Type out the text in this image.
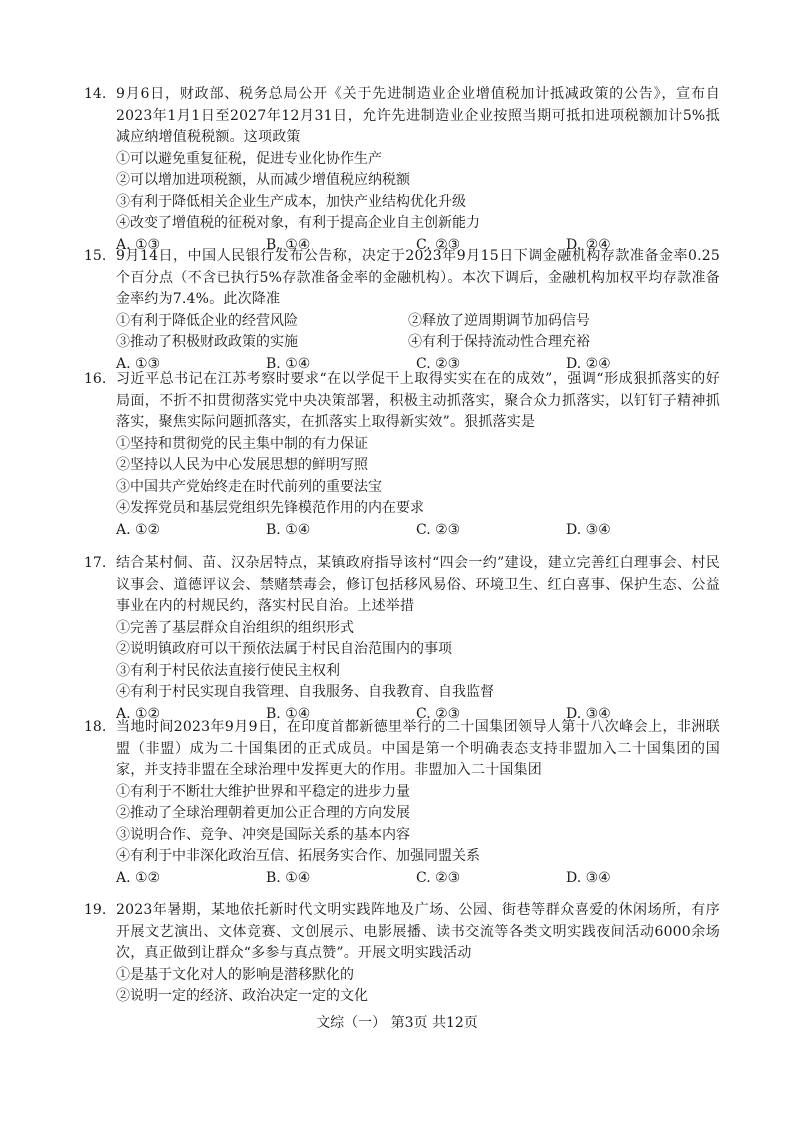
14. 9月6日，财政部、税务总局公开《关于先进制造业企业增值税加计抵减政策的公告》，宣布自2023年1月1日至2027年12月31日，允许先进制造业企业按照当期可抵扣进项税额加计5%抵减应纳增值税税额。这项政策
①可以避免重复征税，促进专业化协作生产
②可以增加进项税额，从而减少增值税应纳税额
③有利于降低相关企业生产成本，加快产业结构优化升级
④改变了增值税的征税对象，有利于提高企业自主创新能力
A. ①③	B. ①④	C. ②③	D. ②④
15. 9月14日，中国人民银行发布公告称，决定于2023年9月15日下调金融机构存款准备金率0.25个百分点（不含已执行5%存款准备金率的金融机构）。本次下调后，金融机构加权平均存款准备金率约为7.4%。此次降准
①有利于降低企业的经营风险	②释放了逆周期调节加码信号
③推动了积极财政政策的实施	④有利于保持流动性合理充裕
A. ①③	B. ①④	C. ②③	D. ②④
16. 习近平总书记在江苏考察时要求“在以学促干上取得实实在在的成效”，强调“形成狠抓落实的好局面，不折不扣贯彻落实党中央决策部署，积极主动抓落实，聚合众力抓落实，以钉钉子精神抓落实，聚焦实际问题抓落实，在抓落实上取得新实效”。狠抓落实是
①坚持和贯彻党的民主集中制的有力保证
②坚持以人民为中心发展思想的鲜明写照
③中国共产党始终走在时代前列的重要法宝
④发挥党员和基层党组织先锋模范作用的内在要求
A. ①②	B. ①④	C. ②③	D. ③④
17. 结合某村侗、苗、汉杂居特点，某镇政府指导该村“四会一约”建设，建立完善红白理事会、村民议事会、道德评议会、禁赌禁毒会，修订包括移风易俗、环境卫生、红白喜事、保护生态、公益事业在内的村规民约，落实村民自治。上述举措
①完善了基层群众自治组织的组织形式
②说明镇政府可以干预依法属于村民自治范围内的事项
③有利于村民依法直接行使民主权利
④有利于村民实现自我管理、自我服务、自我教育、自我监督
A. ①②	B. ①④	C. ②③	D. ③④
18. 当地时间2023年9月9日，在印度首都新德里举行的二十国集团领导人第十八次峰会上，非洲联盟（非盟）成为二十国集团的正式成员。中国是第一个明确表态支持非盟加入二十国集团的国家，并支持非盟在全球治理中发挥更大的作用。非盟加入二十国集团
①有利于不断壮大维护世界和平稳定的进步力量
②推动了全球治理朝着更加公正合理的方向发展
③说明合作、竞争、冲突是国际关系的基本内容
④有利于中非深化政治互信、拓展务实合作、加强同盟关系
A. ①②	B. ①④	C. ②③	D. ③④
19. 2023年暑期，某地依托新时代文明实践阵地及广场、公园、街巷等群众喜爱的休闲场所，有序开展文艺演出、文体竞赛、文创展示、电影展播、读书交流等各类文明实践夜间活动6000余场次，真正做到让群众“多参与真点赞”。开展文明实践活动
①是基于文化对人的影响是潜移默化的
②说明一定的经济、政治决定一定的文化
文综（一） 第3页 共12页
